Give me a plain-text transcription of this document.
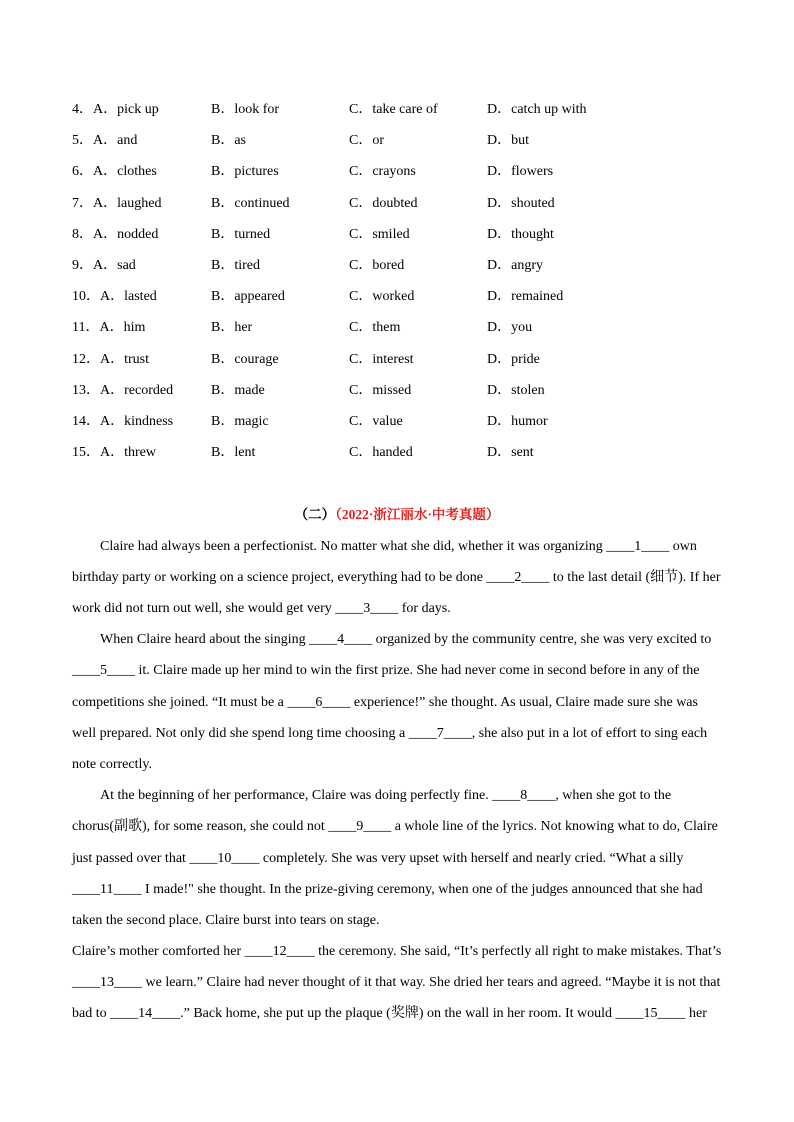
4．A．pick up	B．look for	C．take care of	D．catch up with
5．A．and	B．as	C．or	D．but
6．A．clothes	B．pictures	C．crayons	D．flowers
7．A．laughed	B．continued	C．doubted	D．shouted
8．A．nodded	B．turned	C．smiled	D．thought
9．A．sad	B．tired	C．bored	D．angry
10．A．lasted	B．appeared	C．worked	D．remained
11．A．him	B．her	C．them	D．you
12．A．trust	B．courage	C．interest	D．pride
13．A．recorded	B．made	C．missed	D．stolen
14．A．kindness	B．magic	C．value	D．humor
15．A．threw	B．lent	C．handed	D．sent
（二）（2022·浙江丽水·中考真题）
Claire had always been a perfectionist. No matter what she did, whether it was organizing ____1____ own
birthday party or working on a science project, everything had to be done ____2____ to the last detail (细节). If her
work did not turn out well, she would get very ____3____ for days.
When Claire heard about the singing ____4____ organized by the community centre, she was very excited to
____5____ it. Claire made up her mind to win the first prize. She had never come in second before in any of the
competitions she joined. “It must be a ____6____ experience!” she thought. As usual, Claire made sure she was
well prepared. Not only did she spend long time choosing a ____7____, she also put in a lot of effort to sing each
note correctly.
At the beginning of her performance, Claire was doing perfectly fine. ____8____, when she got to the
chorus(副歌), for some reason, she could not ____9____ a whole line of the lyrics. Not knowing what to do, Claire
just passed over that ____10____ completely. She was very upset with herself and nearly cried. “What a silly
____11____ I made!" she thought. In the prize-giving ceremony, when one of the judges announced that she had
taken the second place. Claire burst into tears on stage.
Claire’s mother comforted her ____12____ the ceremony. She said, “It’s perfectly all right to make mistakes. That’s
____13____ we learn.” Claire had never thought of it that way. She dried her tears and agreed. “Maybe it is not that
bad to ____14____.” Back home, she put up the plaque (奖牌) on the wall in her room. It would ____15____ her
